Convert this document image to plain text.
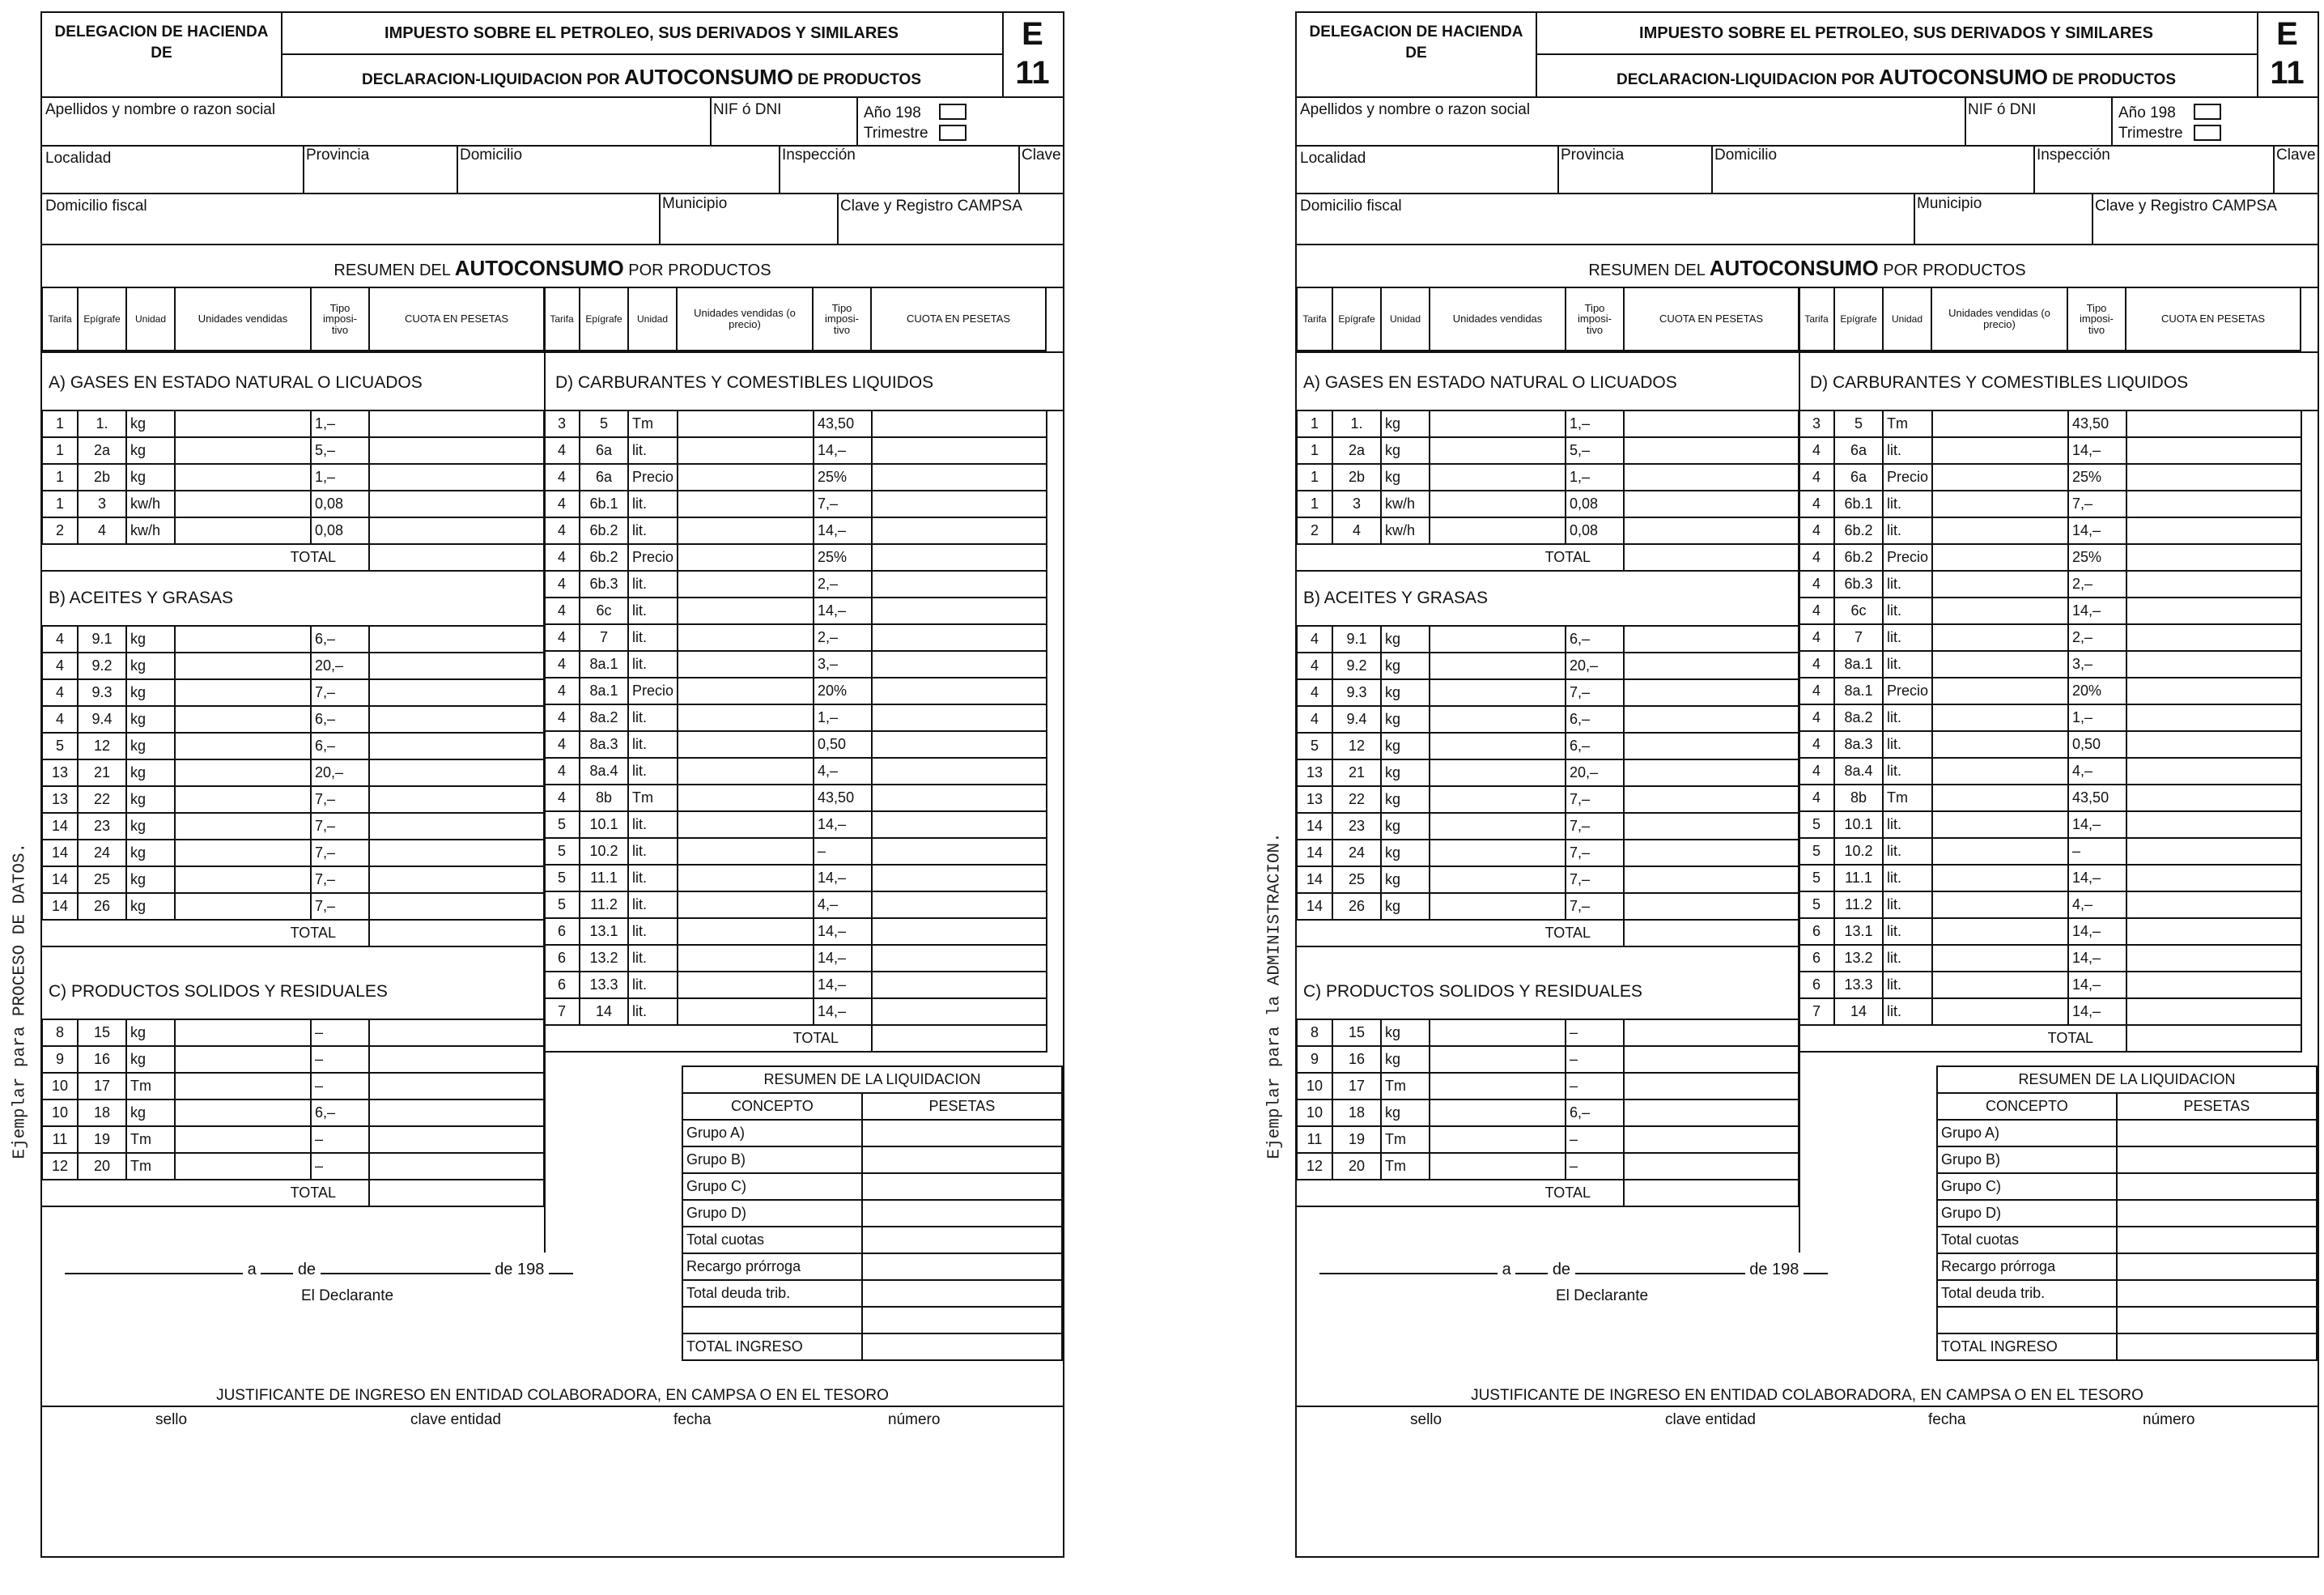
Ejemplar para PROCESO DE DATOS.
DELEGACION DE HACIENDA
DE
IMPUESTO SOBRE EL PETROLEO, SUS DERIVADOS Y SIMILARES
DECLARACION-LIQUIDACION POR AUTOCONSUMO DE PRODUCTOS
E
11
Apellidos y nombre o razon social	NIF ó DNI	Año 198
Trimestre
Localidad	Provincia	Domicilio	Inspección	Clave
Domicilio fiscal	Municipio	Clave y Registro CAMPSA
RESUMEN DEL AUTOCONSUMO POR PRODUCTOS
A) GASES EN ESTADO NATURAL O LICUADOS
B) ACEITES Y GRASAS
C) PRODUCTOS SOLIDOS Y RESIDUALES
D) CARBURANTES Y COMESTIBLES LIQUIDOS
a	de	de 198
El Declarante
JUSTIFICANTE DE INGRESO EN ENTIDAD COLABORADORA, EN CAMPSA O EN EL TESORO
sello	clave entidad	fecha	número
Tarifa	Epígrafe	Unidad	Unidades vendidas	Tipo imposi-tivo	CUOTA EN PESETAS	Tarifa	Epígrafe	Unidad	Unidades vendidas (o precio)	Tipo imposi-tivo	CUOTA EN PESETAS
1	1.	kg		1,–	
1	2a	kg		5,–	
1	2b	kg		1,–	
1	3	kw/h		0,08	
2	4	kw/h		0,08	
TOTAL					
4	9.1	kg		6,–	
4	9.2	kg		20,–	
4	9.3	kg		7,–	
4	9.4	kg		6,–	
5	12	kg		6,–	
13	21	kg		20,–	
13	22	kg		7,–	
14	23	kg		7,–	
14	24	kg		7,–	
14	25	kg		7,–	
14	26	kg		7,–	
TOTAL					
8	15	kg		–	
9	16	kg		–	
10	17	Tm		–	
10	18	kg		6,–	
11	19	Tm		–	
12	20	Tm		–	
TOTAL					
3	5	Tm		43,50	
4	6a	lit.		14,–	
4	6a	Precio		25%	
4	6b.1	lit.		7,–	
4	6b.2	lit.		14,–	
4	6b.2	Precio		25%	
4	6b.3	lit.		2,–	
4	6c	lit.		14,–	
4	7	lit.		2,–	
4	8a.1	lit.		3,–	
4	8a.1	Precio		20%	
4	8a.2	lit.		1,–	
4	8a.3	lit.		0,50	
4	8a.4	lit.		4,–	
4	8b	Tm		43,50	
5	10.1	lit.		14,–	
5	10.2	lit.		–	
5	11.1	lit.		14,–	
5	11.2	lit.		4,–	
6	13.1	lit.		14,–	
6	13.2	lit.		14,–	
6	13.3	lit.		14,–	
7	14	lit.		14,–	
TOTAL					
RESUMEN DE LA LIQUIDACION	
CONCEPTO	PESETAS
Grupo A)	
Grupo B)	
Grupo C)	
Grupo D)	
Total cuotas	
Recargo prórroga	
Total deuda trib.	

TOTAL INGRESO	
Ejemplar para la ADMINISTRACION.
DELEGACION DE HACIENDA
DE
IMPUESTO SOBRE EL PETROLEO, SUS DERIVADOS Y SIMILARES
DECLARACION-LIQUIDACION POR AUTOCONSUMO DE PRODUCTOS
E
11
Apellidos y nombre o razon social	NIF ó DNI	Año 198
Trimestre
Localidad	Provincia	Domicilio	Inspección	Clave
Domicilio fiscal	Municipio	Clave y Registro CAMPSA
RESUMEN DEL AUTOCONSUMO POR PRODUCTOS
A) GASES EN ESTADO NATURAL O LICUADOS
B) ACEITES Y GRASAS
C) PRODUCTOS SOLIDOS Y RESIDUALES
D) CARBURANTES Y COMESTIBLES LIQUIDOS
a	de	de 198
El Declarante
JUSTIFICANTE DE INGRESO EN ENTIDAD COLABORADORA, EN CAMPSA O EN EL TESORO
sello	clave entidad	fecha	número
Tarifa	Epígrafe	Unidad	Unidades vendidas	Tipo imposi-tivo	CUOTA EN PESETAS	Tarifa	Epígrafe	Unidad	Unidades vendidas (o precio)	Tipo imposi-tivo	CUOTA EN PESETAS
1	1.	kg		1,–	
1	2a	kg		5,–	
1	2b	kg		1,–	
1	3	kw/h		0,08	
2	4	kw/h		0,08	
TOTAL					
4	9.1	kg		6,–	
4	9.2	kg		20,–	
4	9.3	kg		7,–	
4	9.4	kg		6,–	
5	12	kg		6,–	
13	21	kg		20,–	
13	22	kg		7,–	
14	23	kg		7,–	
14	24	kg		7,–	
14	25	kg		7,–	
14	26	kg		7,–	
TOTAL					
8	15	kg		–	
9	16	kg		–	
10	17	Tm		–	
10	18	kg		6,–	
11	19	Tm		–	
12	20	Tm		–	
TOTAL					
3	5	Tm		43,50	
4	6a	lit.		14,–	
4	6a	Precio		25%	
4	6b.1	lit.		7,–	
4	6b.2	lit.		14,–	
4	6b.2	Precio		25%	
4	6b.3	lit.		2,–	
4	6c	lit.		14,–	
4	7	lit.		2,–	
4	8a.1	lit.		3,–	
4	8a.1	Precio		20%	
4	8a.2	lit.		1,–	
4	8a.3	lit.		0,50	
4	8a.4	lit.		4,–	
4	8b	Tm		43,50	
5	10.1	lit.		14,–	
5	10.2	lit.		–	
5	11.1	lit.		14,–	
5	11.2	lit.		4,–	
6	13.1	lit.		14,–	
6	13.2	lit.		14,–	
6	13.3	lit.		14,–	
7	14	lit.		14,–	
TOTAL					
RESUMEN DE LA LIQUIDACION	
CONCEPTO	PESETAS
Grupo A)	
Grupo B)	
Grupo C)	
Grupo D)	
Total cuotas	
Recargo prórroga	
Total deuda trib.	

TOTAL INGRESO	
